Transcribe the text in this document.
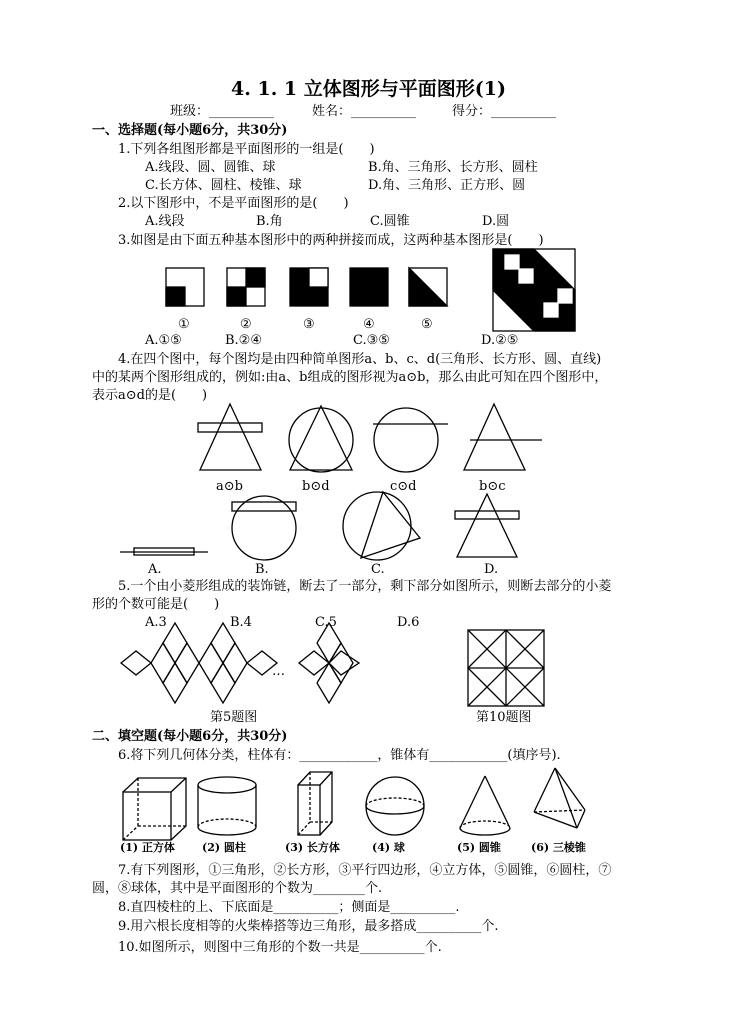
4. 1. 1 立体图形与平面图形(1)
班级：__________	姓名：__________	得分：__________
一、选择题(每小题6分，共30分)
1.下列各组图形都是平面图形的一组是(　　)
A.线段、圆、圆锥、球	B.角、三角形、长方形、圆柱
C.长方体、圆柱、棱锥、球	D.角、三角形、正方形、圆
2.以下图形中，不是平面图形的是(　　)
A.线段	B.角	C.圆锥	D.圆
3.如图是由下面五种基本图形中的两种拼接而成，这两种基本图形是(　　)
①	②	③	④	⑤
A.①⑤	B.②④	C.③⑤	D.②⑤
4.在四个图中，每个图均是由四种简单图形a、b、c、d(三角形、长方形、圆、直线)
中的某两个图形组成的，例如:由a、b组成的图形视为a⊙b，那么由此可知在四个图形中，
表示a⊙d的是(　　)
a⊙b	b⊙d	c⊙d	b⊙c
A.	B.	C.	D.
5.一个由小菱形组成的装饰链，断去了一部分，剩下部分如图所示，则断去部分的小菱
形的个数可能是(　　)
A.3	B.4	C.5	D.6
…
第5题图	第10题图
二、填空题(每小题6分，共30分)
6.将下列几何体分类，柱体有：____________，锥体有____________(填序号).
(1) 正方体 (2) 圆柱	(3) 长方体	(4) 球	(5) 圆锥	(6) 三棱锥
7.有下列图形，①三角形，②长方形，③平行四边形，④立方体，⑤圆锥，⑥圆柱，⑦
圆，⑧球体，其中是平面图形的个数为________个.
8.直四棱柱的上、下底面是__________；侧面是__________.
9.用六根长度相等的火柴棒搭等边三角形，最多搭成__________个.
10.如图所示，则图中三角形的个数一共是__________个.
